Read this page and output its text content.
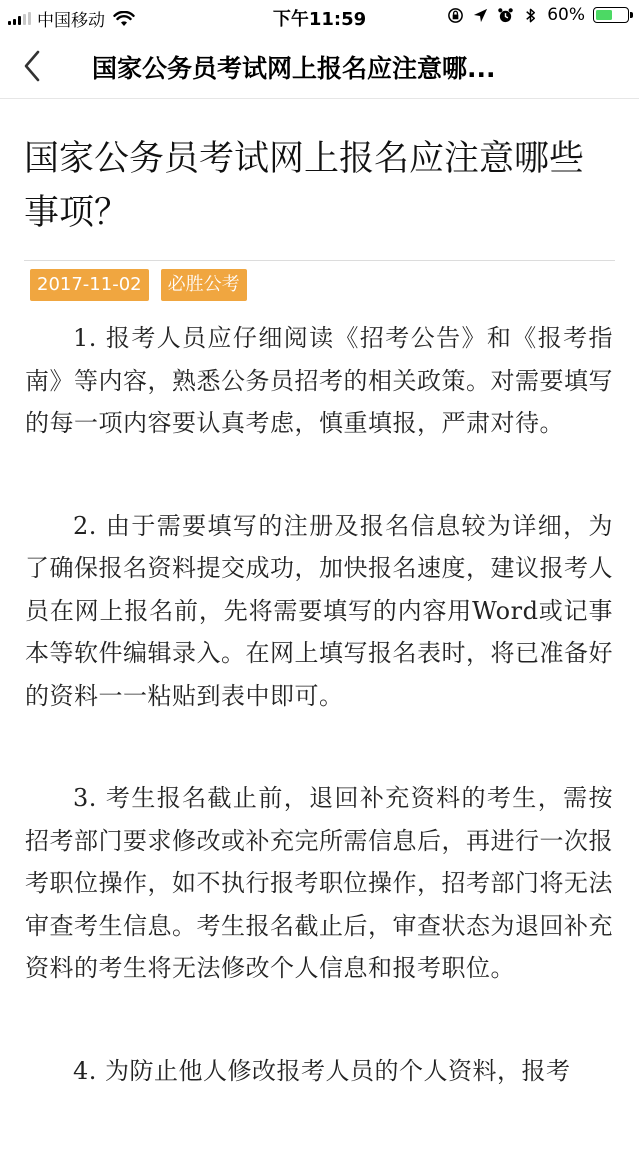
中国移动	下午11:59	60%
国家公务员考试网上报名应注意哪...
国家公务员考试网上报名应注意哪些事项？
2017-11-02	必胜公考

1. 报考人员应仔细阅读《招考公告》和《报考指南》等内容，熟悉公务员招考的相关政策。对需要填写的每一项内容要认真考虑，慎重填报，严肃对待。

2. 由于需要填写的注册及报名信息较为详细，为了确保报名资料提交成功，加快报名速度，建议报考人员在网上报名前，先将需要填写的内容用Word或记事本等软件编辑录入。在网上填写报名表时，将已准备好的资料一一粘贴到表中即可。

3. 考生报名截止前，退回补充资料的考生，需按招考部门要求修改或补充完所需信息后，再进行一次报考职位操作，如不执行报考职位操作，招考部门将无法审查考生信息。考生报名截止后，审查状态为退回补充资料的考生将无法修改个人信息和报考职位。

4. 为防止他人修改报考人员的个人资料，报考
